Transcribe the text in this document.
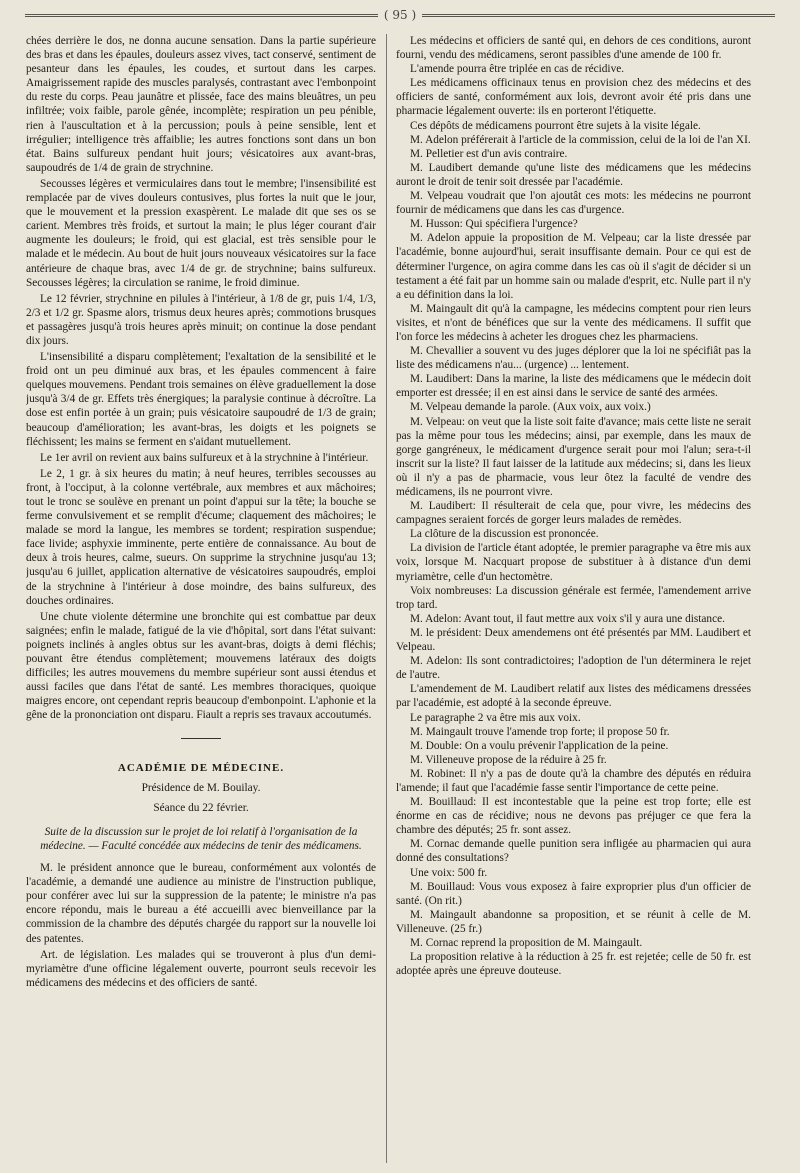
( 95 )

chées derrière le dos, ne donna aucune sensation. Dans la partie supérieure des bras et dans les épaules, douleurs assez vives, tact conservé, sentiment de pesanteur dans les épaules, les coudes, et surtout dans les carpes. Amaigrissement rapide des muscles paralysés, contrastant avec l'embonpoint du reste du corps. Peau jaunâtre et plissée, face des mains bleuâtres, un peu infiltrée; voix faible, parole gênée, incomplète; respiration un peu pénible, rien à l'auscultation et à la percussion; pouls à peine sensible, lent et irrégulier; intelligence très affaiblie; les autres fonctions sont dans un bon état. Bains sulfureux pendant huit jours; vésicatoires aux avant-bras, saupoudrés de 1/4 de grain de strychnine.

Secousses légères et vermiculaires dans tout le membre; l'insensibilité est remplacée par de vives douleurs contusives, plus fortes la nuit que le jour, que le mouvement et la pression exaspèrent. Le malade dit que ses os se carient. Membres très froids, et surtout la main; le plus léger courant d'air augmente les douleurs; le froid, qui est glacial, est très sensible pour le malade et le médecin. Au bout de huit jours nouveaux vésicatoires sur la face antérieure de chaque bras, avec 1/4 de gr. de strychnine; bains sulfureux. Secousses légères; la circulation se ranime, le froid diminue.

Le 12 février, strychnine en pilules à l'intérieur, à 1/8 de gr, puis 1/4, 1/3, 2/3 et 1/2 gr. Spasme alors, trismus deux heures après; commotions brusques et passagères jusqu'à trois heures après minuit; on continue la dose pendant dix jours.

L'insensibilité a disparu complètement; l'exaltation de la sensibilité et le froid ont un peu diminué aux bras, et les épaules commencent à faire quelques mouvemens. Pendant trois semaines on élève graduellement la dose jusqu'à 3/4 de gr. Effets très énergiques; la paralysie continue à décroître. La dose est enfin portée à un grain; puis vésicatoire saupoudré de 1/3 de grain; beaucoup d'amélioration; les avant-bras, les doigts et les poignets se fléchissent; les mains se ferment en s'aidant mutuellement.

Le 1er avril on revient aux bains sulfureux et à la strychnine à l'intérieur.

Le 2, 1 gr. à six heures du matin; à neuf heures, terribles secousses au front, à l'occiput, à la colonne vertébrale, aux membres et aux mâchoires; tout le tronc se soulève en prenant un point d'appui sur la tête; la bouche se ferme convulsivement et se remplit d'écume; claquement des mâchoires; le malade se mord la langue, les membres se tordent; respiration suspendue; face livide; asphyxie imminente, perte entière de connaissance. Au bout de deux à trois heures, calme, sueurs. On supprime la strychnine jusqu'au 13; jusqu'au 6 juillet, application alternative de vésicatoires saupoudrés, emploi de la strychnine à l'intérieur à dose moindre, des bains sulfureux, des douches ordinaires.

Une chute violente détermine une bronchite qui est combattue par deux saignées; enfin le malade, fatigué de la vie d'hôpital, sort dans l'état suivant: poignets inclinés à angles obtus sur les avant-bras, doigts à demi fléchis; pouvant être étendus complètement; mouvemens latéraux des doigts difficiles; les autres mouvemens du membre supérieur sont aussi étendus et aussi faciles que dans l'état de santé. Les membres thoraciques, quoique maigres encore, ont cependant repris beaucoup d'embonpoint. L'aphonie et la gêne de la prononciation ont disparu. Fiault a repris ses travaux accoutumés.

ACADÉMIE DE MÉDECINE.

Présidence de M. Bouilay.

Séance du 22 février.

Suite de la discussion sur le projet de loi relatif à l'organisation de la médecine. — Faculté concédée aux médecins de tenir des médicamens.

M. le président annonce que le bureau, conformément aux volontés de l'académie, a demandé une audience au ministre de l'instruction publique, pour conférer avec lui sur la suppression de la patente; le ministre n'a pas encore répondu, mais le bureau a été accueilli avec bienveillance par la commission de la chambre des députés chargée du rapport sur la nouvelle loi des patentes.

Art. de législation. Les malades qui se trouveront à plus d'un demi-myriamètre d'une officine légalement ouverte, pourront seuls recevoir les médicamens des médecins et des officiers de santé.

Les médecins et officiers de santé qui, en dehors de ces conditions, auront fourni, vendu des médicamens, seront passibles d'une amende de 100 fr.

L'amende pourra être triplée en cas de récidive.

Les médicamens officinaux tenus en provision chez des médecins et des officiers de santé, conformément aux lois, devront avoir été pris dans une pharmacie légalement ouverte: ils en porteront l'étiquette.

Ces dépôts de médicamens pourront être sujets à la visite légale.

M. Adelon préférerait à l'article de la commission, celui de la loi de l'an XI.

M. Pelletier est d'un avis contraire.

M. Laudibert demande qu'une liste des médicamens que les médecins auront le droit de tenir soit dressée par l'académie.

M. Velpeau voudrait que l'on ajoutât ces mots: les médecins ne pourront fournir de médicamens que dans les cas d'urgence.

M. Husson: Qui spécifiera l'urgence?

M. Adelon appuie la proposition de M. Velpeau; car la liste dressée par l'académie, bonne aujourd'hui, serait insuffisante demain. Pour ce qui est de déterminer l'urgence, on agira comme dans les cas où il s'agit de décider si un testament a été fait par un homme sain ou malade d'esprit, etc. Nulle part il n'y a eu définition dans la loi.

M. Maingault dit qu'à la campagne, les médecins comptent pour rien leurs visites, et n'ont de bénéfices que sur la vente des médicamens. Il suffit que l'on force les médecins à acheter les drogues chez les pharmaciens.

M. Chevallier a souvent vu des juges déplorer que la loi ne spécifiât pas la liste des médicamens n'au... (urgence) ... lentement.

M. Laudibert: Dans la marine, la liste des médicamens que le médecin doit emporter est dressée; il en est ainsi dans le service de santé des armées.

M. Velpeau demande la parole. (Aux voix, aux voix.)

M. Velpeau: on veut que la liste soit faite d'avance; mais cette liste ne serait pas la même pour tous les médecins; ainsi, par exemple, dans les maux de gorge gangréneux, le médicament d'urgence serait pour moi l'alun; sera-t-il inscrit sur la liste? Il faut laisser de la latitude aux médecins; si, dans les lieux où il n'y a pas de pharmacie, vous leur ôtez la faculté de vendre des médicamens, ils ne pourront vivre.

M. Laudibert: Il résulterait de cela que, pour vivre, les médecins des campagnes seraient forcés de gorger leurs malades de remèdes.

La clôture de la discussion est prononcée.

La division de l'article étant adoptée, le premier paragraphe va être mis aux voix, lorsque M. Nacquart propose de substituer à à distance d'un demi myriamètre, celle d'un hectomètre.

Voix nombreuses: La discussion générale est fermée, l'amendement arrive trop tard.

M. Adelon: Avant tout, il faut mettre aux voix s'il y aura une distance.

M. le président: Deux amendemens ont été présentés par MM. Laudibert et Velpeau.

M. Adelon: Ils sont contradictoires; l'adoption de l'un déterminera le rejet de l'autre.

L'amendement de M. Laudibert relatif aux listes des médicamens dressées par l'académie, est adopté à la seconde épreuve.

Le paragraphe 2 va être mis aux voix.

M. Maingault trouve l'amende trop forte; il propose 50 fr.

M. Double: On a voulu prévenir l'application de la peine.

M. Villeneuve propose de la réduire à 25 fr.

M. Robinet: Il n'y a pas de doute qu'à la chambre des députés en réduira l'amende; il faut que l'académie fasse sentir l'importance de cette peine.

M. Bouillaud: Il est incontestable que la peine est trop forte; elle est énorme en cas de récidive; nous ne devons pas préjuger ce que fera la chambre des députés; 25 fr. sont assez.

M. Cornac demande quelle punition sera infligée au pharmacien qui aura donné des consultations?

Une voix: 500 fr.

M. Bouillaud: Vous vous exposez à faire exproprier plus d'un officier de santé. (On rit.)

M. Maingault abandonne sa proposition, et se réunit à celle de M. Villeneuve. (25 fr.)

M. Cornac reprend la proposition de M. Maingault.

La proposition relative à la réduction à 25 fr. est rejetée; celle de 50 fr. est adoptée après une épreuve douteuse.
